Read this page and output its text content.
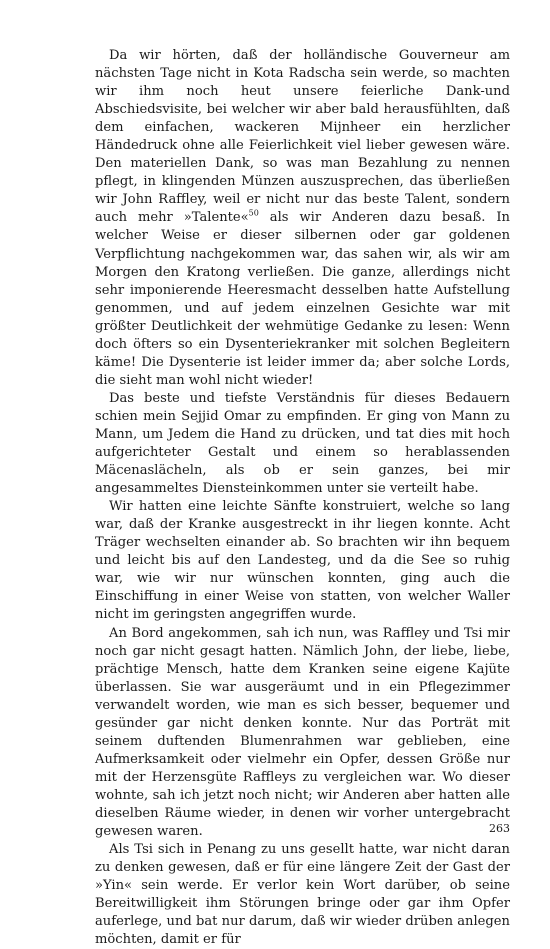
Da wir hörten, daß der holländische Gouverneur am nächsten Tage nicht in Kota Radscha sein werde, so machten wir ihm noch heut unsere feierliche Dank-und Abschiedsvisite, bei welcher wir aber bald herausfühlten, daß dem einfachen, wackeren Mijnheer ein herzlicher Händedruck ohne alle Feierlichkeit viel lieber gewesen wäre. Den materiellen Dank, so was man Bezahlung zu nennen pflegt, in klingenden Münzen auszusprechen, das überließen wir John Raffley, weil er nicht nur das beste Talent, sondern auch mehr »Talente«$^{50}$ als wir Anderen dazu besaß. In welcher Weise er dieser silbernen oder gar goldenen Verpflichtung nachgekommen war, das sahen wir, als wir am Morgen den Kratong verließen. Die ganze, allerdings nicht sehr imponierende Heeresmacht desselben hatte Aufstellung genommen, und auf jedem einzelnen Gesichte war mit größter Deutlichkeit der wehmütige Gedanke zu lesen: Wenn doch öfters so ein Dysenteriekranker mit solchen Begleitern käme! Die Dysenterie ist leider immer da; aber solche Lords, die sieht man wohl nicht wieder!

Das beste und tiefste Verständnis für dieses Bedauern schien mein Sejjid Omar zu empfinden. Er ging von Mann zu Mann, um Jedem die Hand zu drücken, und tat dies mit hoch aufgerichteter Gestalt und einem so herablassenden Mäcenaslächeln, als ob er sein ganzes, bei mir angesammeltes Diensteinkommen unter sie verteilt habe.

Wir hatten eine leichte Sänfte konstruiert, welche so lang war, daß der Kranke ausgestreckt in ihr liegen konnte. Acht Träger wechselten einander ab. So brachten wir ihn bequem und leicht bis auf den Landesteg, und da die See so ruhig war, wie wir nur wünschen konnten, ging auch die Einschiffung in einer Weise von statten, von welcher Waller nicht im geringsten angegriffen wurde.

An Bord angekommen, sah ich nun, was Raffley und Tsi mir noch gar nicht gesagt hatten. Nämlich John, der liebe, liebe, prächtige Mensch, hatte dem Kranken seine eigene Kajüte überlassen. Sie war ausgeräumt und in ein Pflegezimmer verwandelt worden, wie man es sich besser, bequemer und gesünder gar nicht denken konnte. Nur das Porträt mit seinem duftenden Blumenrahmen war geblieben, eine Aufmerksamkeit oder vielmehr ein Opfer, dessen Größe nur mit der Herzensgüte Raffleys zu vergleichen war. Wo dieser wohnte, sah ich jetzt noch nicht; wir Anderen aber hatten alle dieselben Räume wieder, in denen wir vorher untergebracht gewesen waren.

Als Tsi sich in Penang zu uns gesellt hatte, war nicht daran zu denken gewesen, daß er für eine längere Zeit der Gast der »Yin« sein werde. Er verlor kein Wort darüber, ob seine Bereitwilligkeit ihm Störungen bringe oder gar ihm Opfer auferlege, und bat nur darum, daß wir wieder drüben anlegen möchten, damit er für

263
